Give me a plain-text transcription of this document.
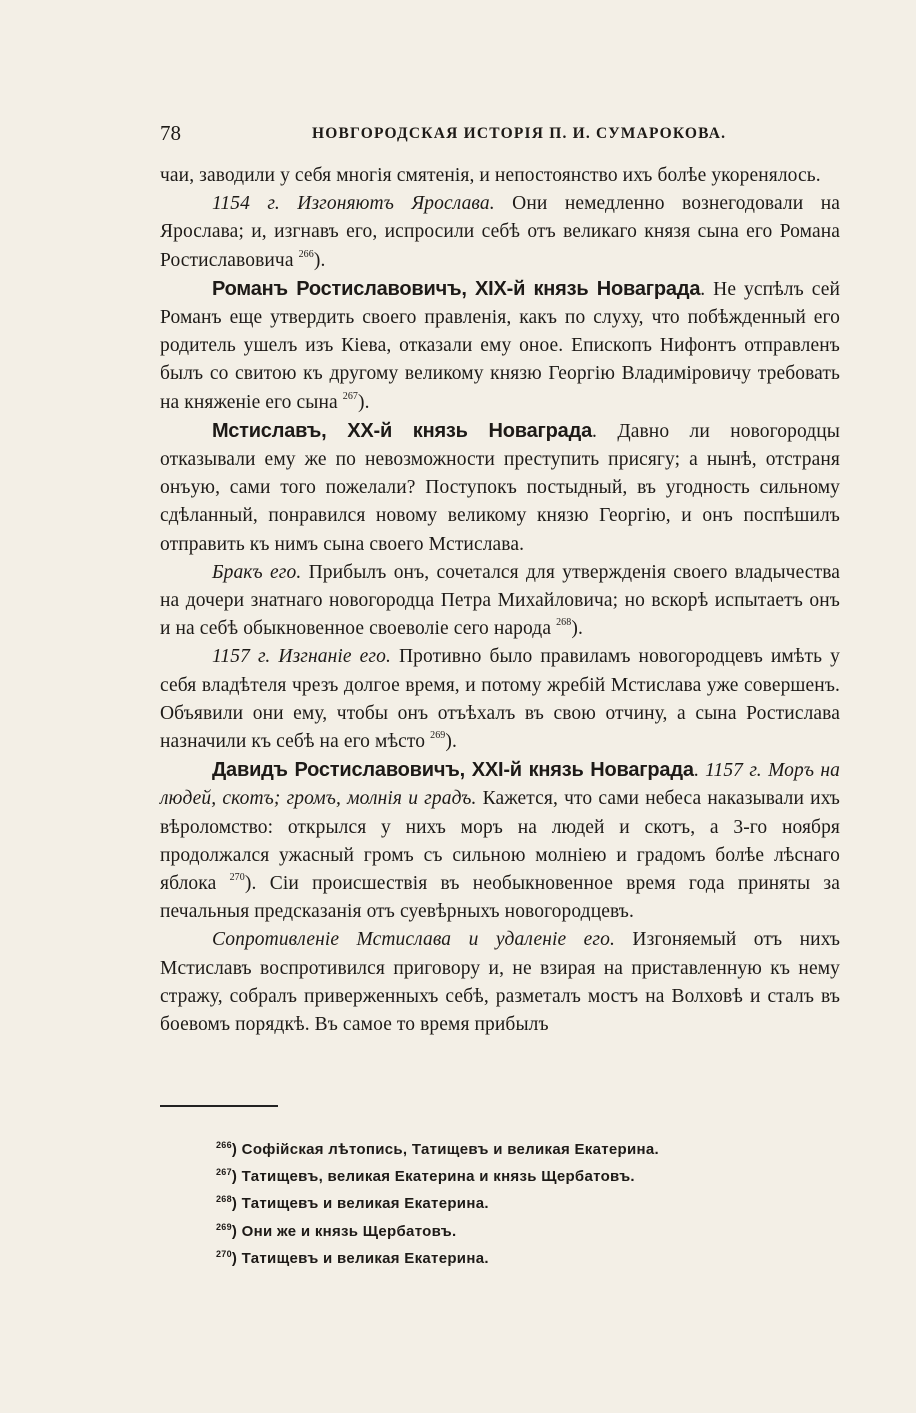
78	НОВГОРОДСКАЯ ИСТОРІЯ П. И. СУМАРОКОВА.

чаи, заводили у себя многія смятенія, и непостоянство ихъ болѣе укоренялось.

1154 г. Изгоняютъ Ярослава. Они немедленно вознегодовали на Ярослава; и, изгнавъ его, испросили себѣ отъ великаго князя сына его Романа Ростиславовича $^{266}$).

Романъ Ростиславовичъ, XIX-й князь Новаграда. Не успѣлъ сей Романъ еще утвердить своего правленія, какъ по слуху, что побѣжденный его родитель ушелъ изъ Кіева, отказали ему оное. Епископъ Нифонтъ отправленъ былъ со свитою къ другому великому князю Георгію Владиміровичу требовать на княженіе его сына $^{267}$).

Мстиславъ, XX-й князь Новаграда. Давно ли новогородцы отказывали ему же по невозможности преступить присягу; а нынѣ, отстраня онъую, сами того пожелали? Поступокъ постыдный, въ угодность сильному сдѣланный, понравился новому великому князю Георгію, и онъ поспѣшилъ отправить къ нимъ сына своего Мстислава.

Бракъ его. Прибылъ онъ, сочетался для утвержденія своего владычества на дочери знатнаго новогородца Петра Михайловича; но вскорѣ испытаетъ онъ и на себѣ обыкновенное своеволіе сего народа $^{268}$).

1157 г. Изгнаніе его. Противно было правиламъ новогородцевъ имѣть у себя владѣтеля чрезъ долгое время, и потому жребій Мстислава уже совершенъ. Объявили они ему, чтобы онъ отъѣхалъ въ свою отчину, а сына Ростислава назначили къ себѣ на его мѣсто $^{269}$).

Давидъ Ростиславовичъ, XXI-й князь Новаграда. 1157 г. Моръ на людей, скотъ; громъ, молнія и градъ. Кажется, что сами небеса наказывали ихъ вѣроломство: открылся у нихъ моръ на людей и скотъ, а 3-го ноября продолжался ужасный громъ съ сильною молніею и градомъ болѣе лѣснаго яблока $^{270}$). Сіи происшествія въ необыкновенное время года приняты за печальныя предсказанія отъ суевѣрныхъ новогородцевъ.

Сопротивленіе Мстислава и удаленіе его. Изгоняемый отъ нихъ Мстиславъ воспротивился приговору и, не взирая на приставленную къ нему стражу, собралъ приверженныхъ себѣ, разметалъ мостъ на Волховѣ и сталъ въ боевомъ порядкѣ. Въ самое то время прибылъ

$^{266}$) Софійская лѣтопись, Татищевъ и великая Екатерина.
$^{267}$) Татищевъ, великая Екатерина и князь Щербатовъ.
$^{268}$) Татищевъ и великая Екатерина.
$^{269}$) Они же и князь Щербатовъ.
$^{270}$) Татищевъ и великая Екатерина.
